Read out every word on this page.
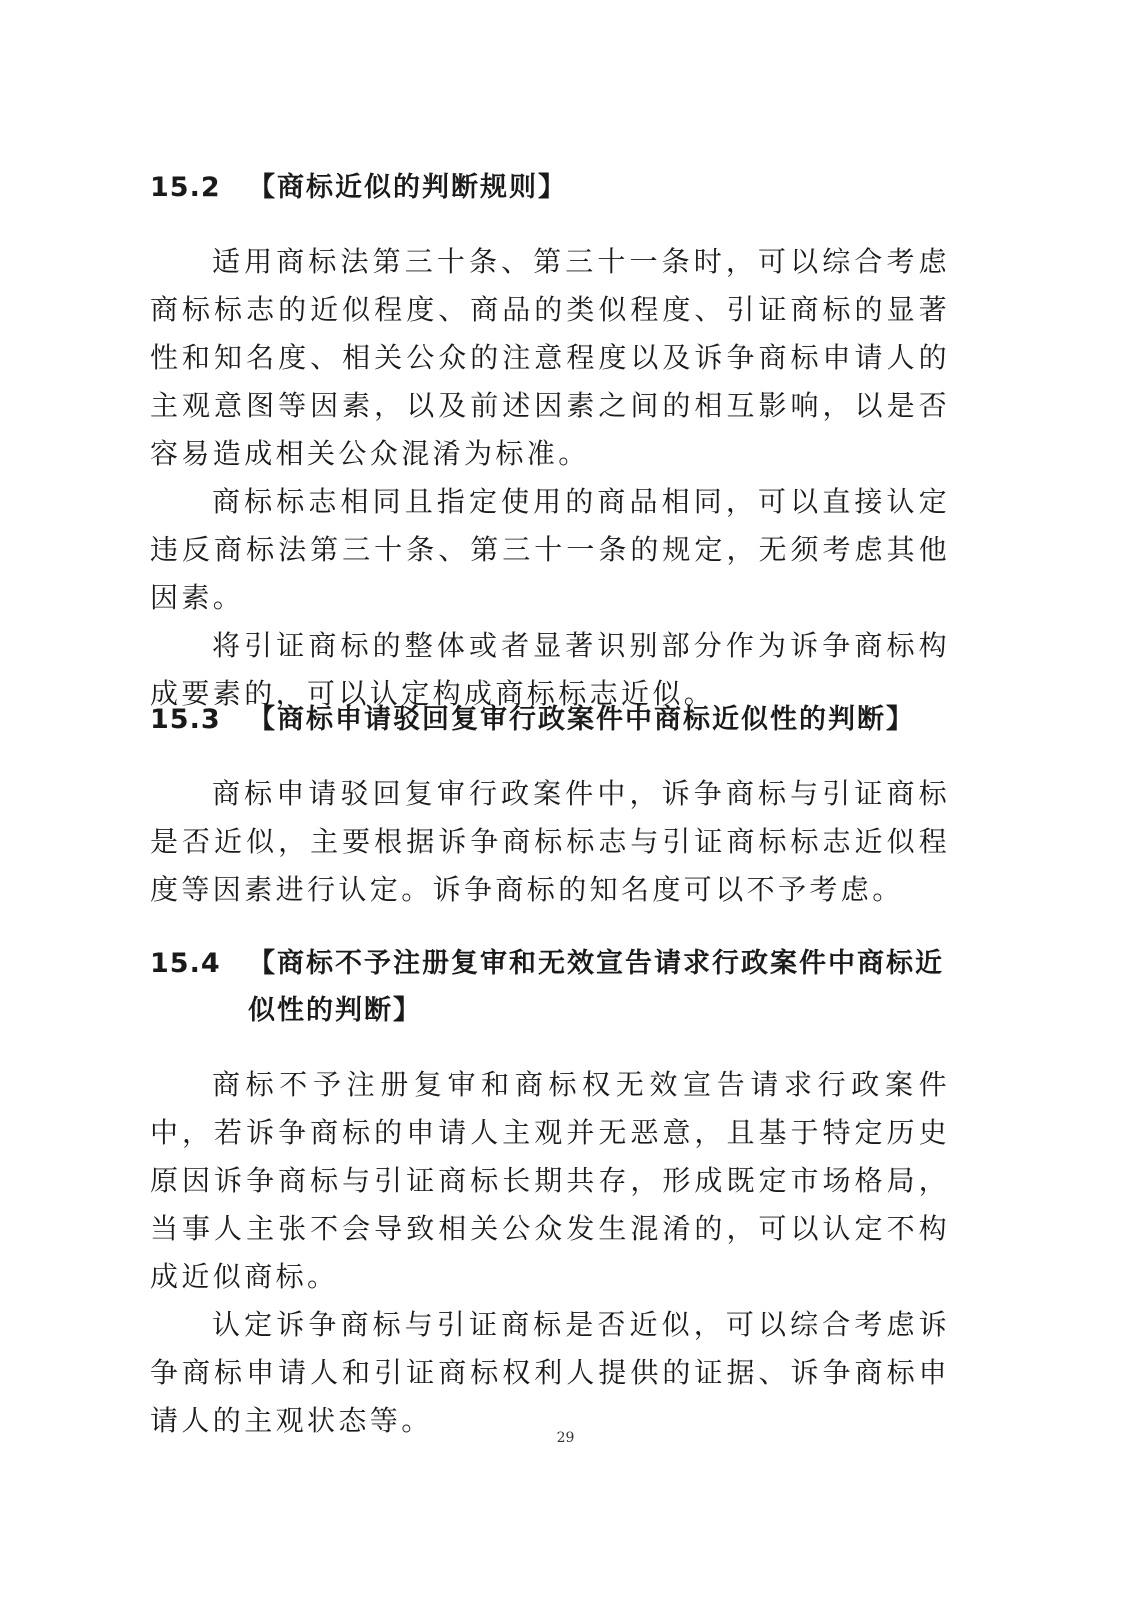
15.2	【商标近似的判断规则】

适用商标法第三十条、第三十一条时，可以综合考虑商标标志的近似程度、商品的类似程度、引证商标的显著性和知名度、相关公众的注意程度以及诉争商标申请人的主观意图等因素，以及前述因素之间的相互影响，以是否容易造成相关公众混淆为标准。

商标标志相同且指定使用的商品相同，可以直接认定违反商标法第三十条、第三十一条的规定，无须考虑其他因素。

将引证商标的整体或者显著识别部分作为诉争商标构成要素的，可以认定构成商标标志近似。

15.3	【商标申请驳回复审行政案件中商标近似性的判断】

商标申请驳回复审行政案件中，诉争商标与引证商标是否近似，主要根据诉争商标标志与引证商标标志近似程度等因素进行认定。诉争商标的知名度可以不予考虑。

15.4	【商标不予注册复审和无效宣告请求行政案件中商标近似性的判断】

商标不予注册复审和商标权无效宣告请求行政案件中，若诉争商标的申请人主观并无恶意，且基于特定历史原因诉争商标与引证商标长期共存，形成既定市场格局，当事人主张不会导致相关公众发生混淆的，可以认定不构成近似商标。

认定诉争商标与引证商标是否近似，可以综合考虑诉争商标申请人和引证商标权利人提供的证据、诉争商标申请人的主观状态等。

29
